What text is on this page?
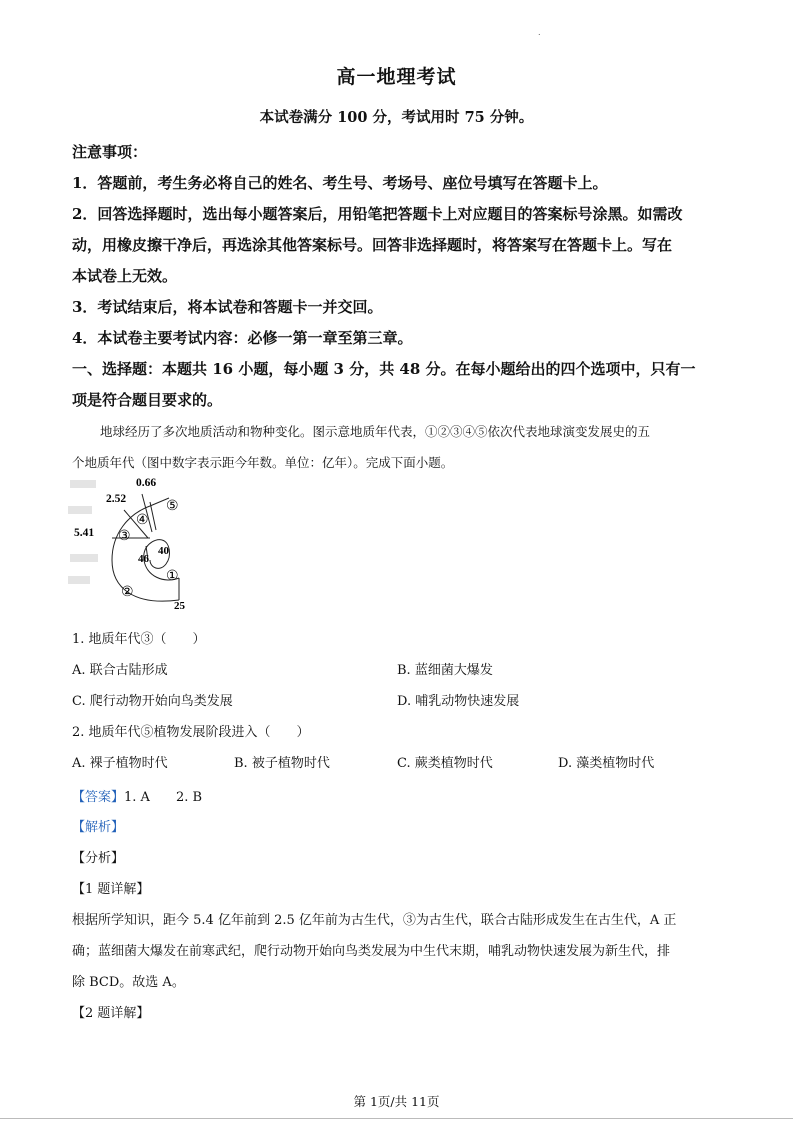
.
高一地理考试
本试卷满分 100 分，考试用时 75 分钟。
注意事项：
1．答题前，考生务必将自己的姓名、考生号、考场号、座位号填写在答题卡上。
2．回答选择题时，选出每小题答案后，用铅笔把答题卡上对应题目的答案标号涂黑。如需改
动，用橡皮擦干净后，再选涂其他答案标号。回答非选择题时，将答案写在答题卡上。写在
本试卷上无效。
3．考试结束后，将本试卷和答题卡一并交回。
4．本试卷主要考试内容：必修一第一章至第三章。
一、选择题：本题共 16 小题，每小题 3 分，共 48 分。在每小题给出的四个选项中，只有一
项是符合题目要求的。
地球经历了多次地质活动和物种变化。图示意地质年代表，①②③④⑤依次代表地球演变发展史的五
个地质年代（图中数字表示距今年数。单位：亿年）。完成下面小题。
0.66
2.52
5.41
46
40
25
①
②
③
④
⑤
1. 地质年代③（　　）
A. 联合古陆形成	B. 蓝细菌大爆发
C. 爬行动物开始向鸟类发展	D. 哺乳动物快速发展
2. 地质年代⑤植物发展阶段进入（　　）
A. 裸子植物时代	B. 被子植物时代	C. 蕨类植物时代	D. 藻类植物时代
【答案】1. A　　2. B
【解析】
【分析】
【1 题详解】
根据所学知识，距今 5.4 亿年前到 2.5 亿年前为古生代，③为古生代，联合古陆形成发生在古生代，A 正
确；蓝细菌大爆发在前寒武纪，爬行动物开始向鸟类发展为中生代末期，哺乳动物快速发展为新生代，排
除 BCD。故选 A。
【2 题详解】
第 1页/共 11页
